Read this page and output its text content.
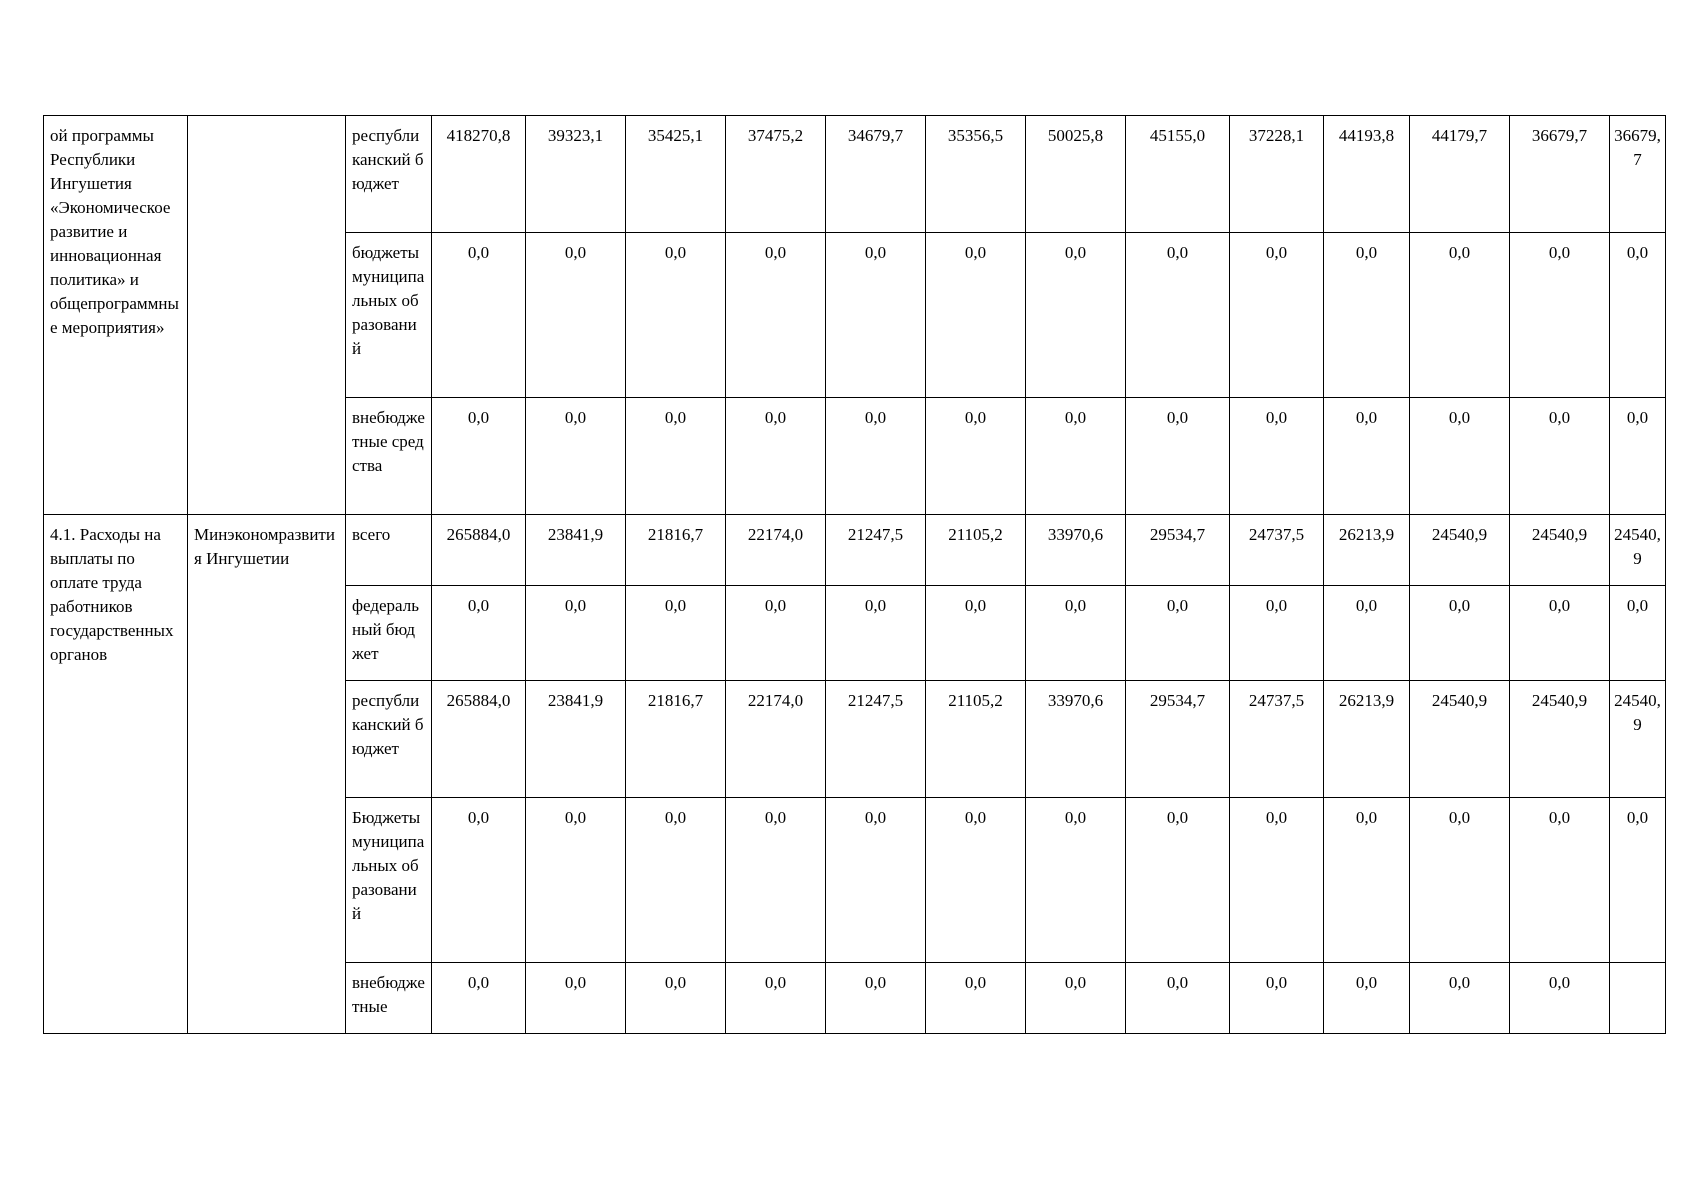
ой программы Республики Ингушетия «Экономическое развитие и инновационная политика» и общепрограммные мероприятия»		республиканский бюджет	418270,8	39323,1	35425,1	37475,2	34679,7	35356,5	50025,8	45155,0	37228,1	44193,8	44179,7	36679,7	36679,7
		бюджеты муниципальных образований	0,0	0,0	0,0	0,0	0,0	0,0	0,0	0,0	0,0	0,0	0,0	0,0	0,0
		внебюджетные средства	0,0	0,0	0,0	0,0	0,0	0,0	0,0	0,0	0,0	0,0	0,0	0,0	0,0

4.1. Расходы на выплаты по оплате труда работников государственных органов	Минэкономразвития Ингушетии	всего	265884,0	23841,9	21816,7	22174,0	21247,5	21105,2	33970,6	29534,7	24737,5	26213,9	24540,9	24540,9	24540,9
		федеральный бюджет	0,0	0,0	0,0	0,0	0,0	0,0	0,0	0,0	0,0	0,0	0,0	0,0	0,0
		республиканский бюджет	265884,0	23841,9	21816,7	22174,0	21247,5	21105,2	33970,6	29534,7	24737,5	26213,9	24540,9	24540,9	24540,9
		Бюджеты муниципальных образований	0,0	0,0	0,0	0,0	0,0	0,0	0,0	0,0	0,0	0,0	0,0	0,0	0,0
		внебюджетные	0,0	0,0	0,0	0,0	0,0	0,0	0,0	0,0	0,0	0,0	0,0	0,0	
